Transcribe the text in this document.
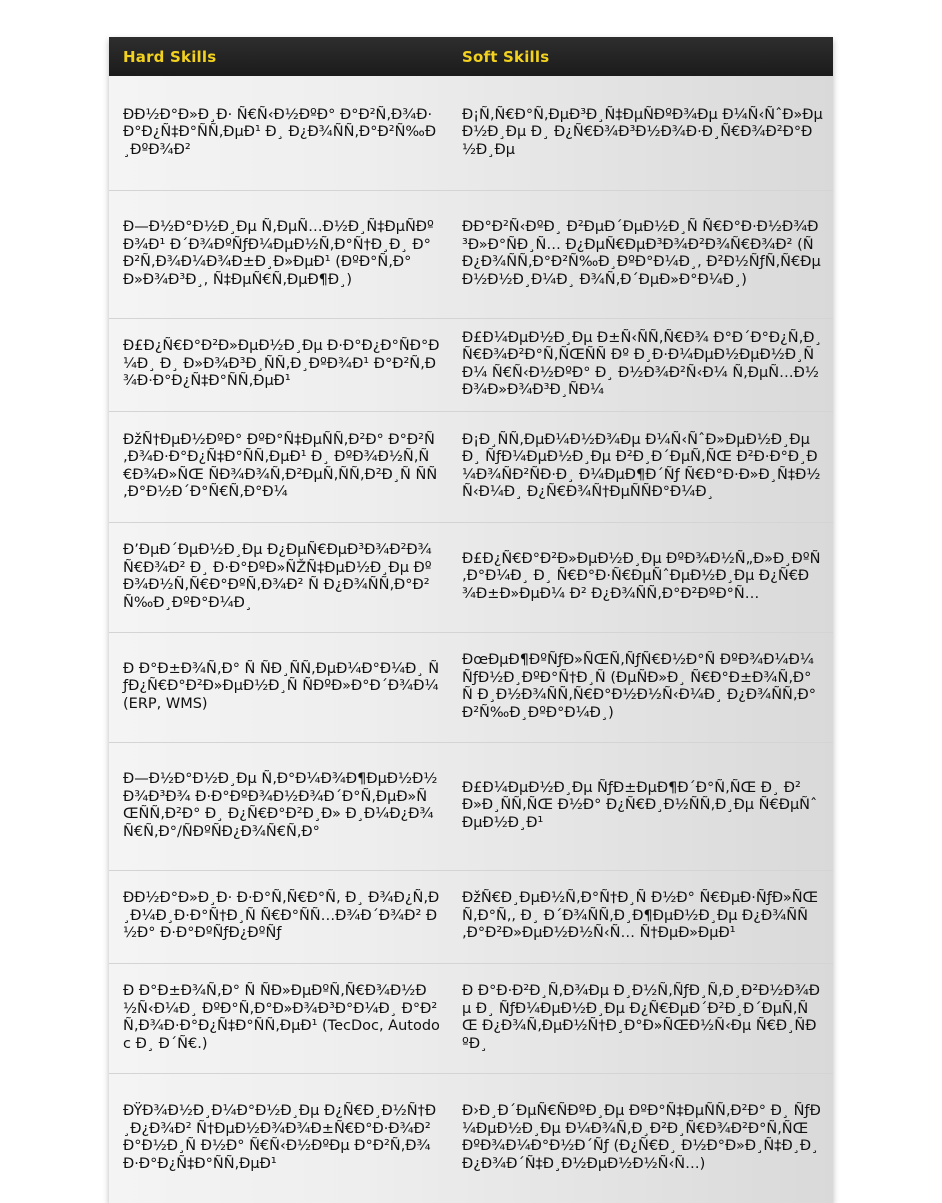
Hard Skills	Soft Skills

ÐÐ½Ð°Ð»Ð¸Ð· Ñ€Ñ‹Ð½ÐºÐ° Ð°Ð²Ñ‚Ð¾Ð·Ð°Ð¿Ñ‡Ð°ÑÑ‚ÐµÐ¹ Ð¸ Ð¿Ð¾ÑÑ‚Ð°Ð²Ñ‰Ð¸ÐºÐ¾Ð²	Ð¡Ñ‚Ñ€Ð°Ñ‚ÐµÐ³Ð¸Ñ‡ÐµÑÐºÐ¾Ðµ Ð¼Ñ‹ÑˆÐ»ÐµÐ½Ð¸Ðµ Ð¸ Ð¿Ñ€Ð¾Ð³Ð½Ð¾Ð·Ð¸Ñ€Ð¾Ð²Ð°Ð½Ð¸Ðµ

Ð—Ð½Ð°Ð½Ð¸Ðµ Ñ‚ÐµÑ…Ð½Ð¸Ñ‡ÐµÑÐºÐ¾Ð¹ Ð´Ð¾ÐºÑƒÐ¼ÐµÐ½Ñ‚Ð°Ñ†Ð¸Ð¸ Ð°Ð²Ñ‚Ð¾Ð¼Ð¾Ð±Ð¸Ð»ÐµÐ¹ (ÐºÐ°Ñ‚Ð°Ð»Ð¾Ð³Ð¸, Ñ‡ÐµÑ€Ñ‚ÐµÐ¶Ð¸)	ÐÐ°Ð²Ñ‹ÐºÐ¸ Ð²ÐµÐ´ÐµÐ½Ð¸Ñ Ñ€Ð°Ð·Ð½Ð¾Ð³Ð»Ð°ÑÐ¸Ñ… Ð¿ÐµÑ€ÐµÐ³Ð¾Ð²Ð¾Ñ€Ð¾Ð² (Ñ Ð¿Ð¾ÑÑ‚Ð°Ð²Ñ‰Ð¸ÐºÐ°Ð¼Ð¸, Ð²Ð½ÑƒÑ‚Ñ€ÐµÐ½Ð½Ð¸Ð¼Ð¸ Ð¾Ñ‚Ð´ÐµÐ»Ð°Ð¼Ð¸)

Ð£Ð¿Ñ€Ð°Ð²Ð»ÐµÐ½Ð¸Ðµ Ð·Ð°Ð¿Ð°ÑÐ°Ð¼Ð¸ Ð¸ Ð»Ð¾Ð³Ð¸ÑÑ‚Ð¸ÐºÐ¾Ð¹ Ð°Ð²Ñ‚Ð¾Ð·Ð°Ð¿Ñ‡Ð°ÑÑ‚ÐµÐ¹	Ð£Ð¼ÐµÐ½Ð¸Ðµ Ð±Ñ‹ÑÑ‚Ñ€Ð¾ Ð°Ð´Ð°Ð¿Ñ‚Ð¸Ñ€Ð¾Ð²Ð°Ñ‚ÑŒÑÑ Ðº Ð¸Ð·Ð¼ÐµÐ½ÐµÐ½Ð¸ÑÐ¼ Ñ€Ñ‹Ð½ÐºÐ° Ð¸ Ð½Ð¾Ð²Ñ‹Ð¼ Ñ‚ÐµÑ…Ð½Ð¾Ð»Ð¾Ð³Ð¸ÑÐ¼

ÐžÑ†ÐµÐ½ÐºÐ° ÐºÐ°Ñ‡ÐµÑÑ‚Ð²Ð° Ð°Ð²Ñ‚Ð¾Ð·Ð°Ð¿Ñ‡Ð°ÑÑ‚ÐµÐ¹ Ð¸ ÐºÐ¾Ð½Ñ‚Ñ€Ð¾Ð»ÑŒ ÑÐ¾Ð¾Ñ‚Ð²ÐµÑ‚ÑÑ‚Ð²Ð¸Ñ ÑÑ‚Ð°Ð½Ð´Ð°Ñ€Ñ‚Ð°Ð¼	Ð¡Ð¸ÑÑ‚ÐµÐ¼Ð½Ð¾Ðµ Ð¼Ñ‹ÑˆÐ»ÐµÐ½Ð¸Ðµ Ð¸ ÑƒÐ¼ÐµÐ½Ð¸Ðµ Ð²Ð¸Ð´ÐµÑ‚ÑŒ Ð²Ð·Ð°Ð¸Ð¼Ð¾ÑÐ²ÑÐ·Ð¸ Ð¼ÐµÐ¶Ð´Ñƒ Ñ€Ð°Ð·Ð»Ð¸Ñ‡Ð½Ñ‹Ð¼Ð¸ Ð¿Ñ€Ð¾Ñ†ÐµÑÑÐ°Ð¼Ð¸

Ð’ÐµÐ´ÐµÐ½Ð¸Ðµ Ð¿ÐµÑ€ÐµÐ³Ð¾Ð²Ð¾Ñ€Ð¾Ð² Ð¸ Ð·Ð°ÐºÐ»ÑŽÑ‡ÐµÐ½Ð¸Ðµ ÐºÐ¾Ð½Ñ‚Ñ€Ð°ÐºÑ‚Ð¾Ð² Ñ Ð¿Ð¾ÑÑ‚Ð°Ð²Ñ‰Ð¸ÐºÐ°Ð¼Ð¸	Ð£Ð¿Ñ€Ð°Ð²Ð»ÐµÐ½Ð¸Ðµ ÐºÐ¾Ð½Ñ„Ð»Ð¸ÐºÑ‚Ð°Ð¼Ð¸ Ð¸ Ñ€Ð°Ð·Ñ€ÐµÑˆÐµÐ½Ð¸Ðµ Ð¿Ñ€Ð¾Ð±Ð»ÐµÐ¼ Ð² Ð¿Ð¾ÑÑ‚Ð°Ð²ÐºÐ°Ñ…

Ð Ð°Ð±Ð¾Ñ‚Ð° Ñ ÑÐ¸ÑÑ‚ÐµÐ¼Ð°Ð¼Ð¸ ÑƒÐ¿Ñ€Ð°Ð²Ð»ÐµÐ½Ð¸Ñ ÑÐºÐ»Ð°Ð´Ð¾Ð¼ (ERP, WMS)	ÐœÐµÐ¶ÐºÑƒÐ»ÑŒÑ‚ÑƒÑ€Ð½Ð°Ñ ÐºÐ¾Ð¼Ð¼ÑƒÐ½Ð¸ÐºÐ°Ñ†Ð¸Ñ (ÐµÑÐ»Ð¸ Ñ€Ð°Ð±Ð¾Ñ‚Ð° Ñ Ð¸Ð½Ð¾ÑÑ‚Ñ€Ð°Ð½Ð½Ñ‹Ð¼Ð¸ Ð¿Ð¾ÑÑ‚Ð°Ð²Ñ‰Ð¸ÐºÐ°Ð¼Ð¸)

Ð—Ð½Ð°Ð½Ð¸Ðµ Ñ‚Ð°Ð¼Ð¾Ð¶ÐµÐ½Ð½Ð¾Ð³Ð¾ Ð·Ð°ÐºÐ¾Ð½Ð¾Ð´Ð°Ñ‚ÐµÐ»ÑŒÑÑ‚Ð²Ð° Ð¸ Ð¿Ñ€Ð°Ð²Ð¸Ð» Ð¸Ð¼Ð¿Ð¾Ñ€Ñ‚Ð°/ÑÐºÑÐ¿Ð¾Ñ€Ñ‚Ð°	Ð£Ð¼ÐµÐ½Ð¸Ðµ ÑƒÐ±ÐµÐ¶Ð´Ð°Ñ‚ÑŒ Ð¸ Ð²Ð»Ð¸ÑÑ‚ÑŒ Ð½Ð° Ð¿Ñ€Ð¸Ð½ÑÑ‚Ð¸Ðµ Ñ€ÐµÑˆÐµÐ½Ð¸Ð¹

ÐÐ½Ð°Ð»Ð¸Ð· Ð·Ð°Ñ‚Ñ€Ð°Ñ‚ Ð¸ Ð¾Ð¿Ñ‚Ð¸Ð¼Ð¸Ð·Ð°Ñ†Ð¸Ñ Ñ€Ð°ÑÑ…Ð¾Ð´Ð¾Ð² Ð½Ð° Ð·Ð°ÐºÑƒÐ¿ÐºÑƒ	ÐžÑ€Ð¸ÐµÐ½Ñ‚Ð°Ñ†Ð¸Ñ Ð½Ð° Ñ€ÐµÐ·ÑƒÐ»ÑŒÑ‚Ð°Ñ‚, Ð¸ Ð´Ð¾ÑÑ‚Ð¸Ð¶ÐµÐ½Ð¸Ðµ Ð¿Ð¾ÑÑ‚Ð°Ð²Ð»ÐµÐ½Ð½Ñ‹Ñ… Ñ†ÐµÐ»ÐµÐ¹

Ð Ð°Ð±Ð¾Ñ‚Ð° Ñ ÑÐ»ÐµÐºÑ‚Ñ€Ð¾Ð½Ð½Ñ‹Ð¼Ð¸ ÐºÐ°Ñ‚Ð°Ð»Ð¾Ð³Ð°Ð¼Ð¸ Ð°Ð²Ñ‚Ð¾Ð·Ð°Ð¿Ñ‡Ð°ÑÑ‚ÐµÐ¹ (TecDoc, Autodoc Ð¸ Ð´Ñ€.)	Ð Ð°Ð·Ð²Ð¸Ñ‚Ð¾Ðµ Ð¸Ð½Ñ‚ÑƒÐ¸Ñ‚Ð¸Ð²Ð½Ð¾Ðµ Ð¸ ÑƒÐ¼ÐµÐ½Ð¸Ðµ Ð¿Ñ€ÐµÐ´Ð²Ð¸Ð´ÐµÑ‚ÑŒ Ð¿Ð¾Ñ‚ÐµÐ½Ñ†Ð¸Ð°Ð»ÑŒÐ½Ñ‹Ðµ Ñ€Ð¸ÑÐºÐ¸

ÐŸÐ¾Ð½Ð¸Ð¼Ð°Ð½Ð¸Ðµ Ð¿Ñ€Ð¸Ð½Ñ†Ð¸Ð¿Ð¾Ð² Ñ†ÐµÐ½Ð¾Ð¾Ð±Ñ€Ð°Ð·Ð¾Ð²Ð°Ð½Ð¸Ñ Ð½Ð° Ñ€Ñ‹Ð½ÐºÐµ Ð°Ð²Ñ‚Ð¾Ð·Ð°Ð¿Ñ‡Ð°ÑÑ‚ÐµÐ¹	Ð›Ð¸Ð´ÐµÑ€ÑÐºÐ¸Ðµ ÐºÐ°Ñ‡ÐµÑÑ‚Ð²Ð° Ð¸ ÑƒÐ¼ÐµÐ½Ð¸Ðµ Ð¼Ð¾Ñ‚Ð¸Ð²Ð¸Ñ€Ð¾Ð²Ð°Ñ‚ÑŒ ÐºÐ¾Ð¼Ð°Ð½Ð´Ñƒ (Ð¿Ñ€Ð¸ Ð½Ð°Ð»Ð¸Ñ‡Ð¸Ð¸ Ð¿Ð¾Ð´Ñ‡Ð¸Ð½ÐµÐ½Ð½Ñ‹Ñ…)
